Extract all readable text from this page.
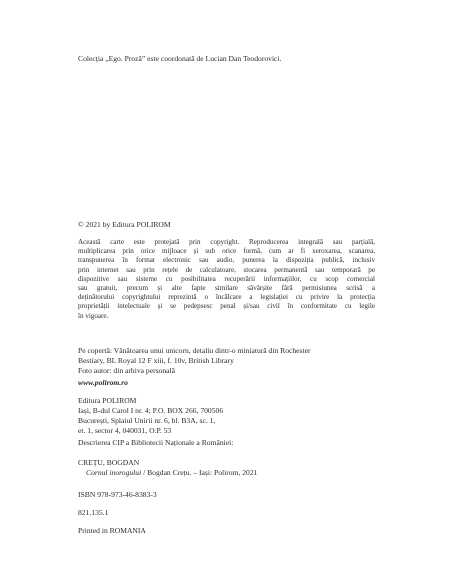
Colecția „Ego. Proză” este coordonată de Lucian Dan Teodorovici.

© 2021 by Editura POLIROM

Această carte este protejată prin copyright. Reproducerea integrală sau parțială,
multiplicarea prin orice mijloace și sub orice formă, cum ar fi xeroxarea, scanarea,
transpunerea în format electronic sau audio, punerea la dispoziția publică, inclusiv
prin internet sau prin rețele de calculatoare, stocarea permanentă sau temporară pe
dispozitive sau sisteme cu posibilitatea recuperării informațiilor, cu scop comercial
sau gratuit, precum și alte fapte similare săvârșite fără permisiunea scrisă a
deținătorului copyrightului reprezintă o încălcare a legislației cu privire la protecția
proprietății intelectuale și se pedepsesc penal și/sau civil în conformitate cu legile
în vigoare.
Pe copertă: Vânătoarea unui unicorn, detaliu dintr-o miniatură din Rochester
Bestiary, BL Royal 12 F xiii, f. 10v, British Library
Foto autor: din arhiva personală

www.polirom.ro

Editura POLIROM
Iași, B-dul Carol I nr. 4; P.O. BOX 266, 700506
București, Splaiul Unirii nr. 6, bl. B3A, sc. 1,
et. 1, sector 4, 040031, O.P. 53

Descrierea CIP a Bibliotecii Naționale a României:

CREȚU, BOGDAN
Cornul inorogului / Bogdan Crețu. – Iași: Polirom, 2021

ISBN 978-973-46-8383-3

821.135.1

Printed in ROMANIA
